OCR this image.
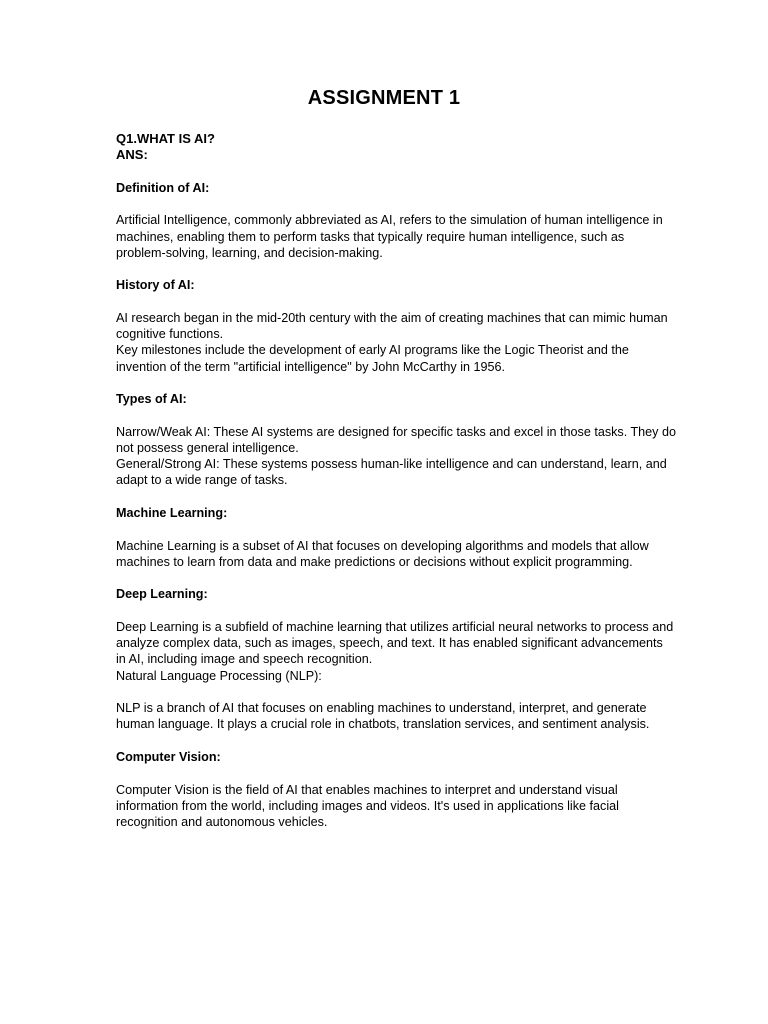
ASSIGNMENT 1

Q1.WHAT IS AI?

ANS:

Definition of AI:

Artificial Intelligence, commonly abbreviated as AI, refers to the simulation of human intelligence in machines, enabling them to perform tasks that typically require human intelligence, such as problem-solving, learning, and decision-making.

History of AI:

AI research began in the mid-20th century with the aim of creating machines that can mimic human cognitive functions.

Key milestones include the development of early AI programs like the Logic Theorist and the invention of the term "artificial intelligence" by John McCarthy in 1956.

Types of AI:

Narrow/Weak AI: These AI systems are designed for specific tasks and excel in those tasks. They do not possess general intelligence.

General/Strong AI: These systems possess human-like intelligence and can understand, learn, and adapt to a wide range of tasks.

Machine Learning:

Machine Learning is a subset of AI that focuses on developing algorithms and models that allow machines to learn from data and make predictions or decisions without explicit programming.

Deep Learning:

Deep Learning is a subfield of machine learning that utilizes artificial neural networks to process and analyze complex data, such as images, speech, and text. It has enabled significant advancements in AI, including image and speech recognition.

Natural Language Processing (NLP):

NLP is a branch of AI that focuses on enabling machines to understand, interpret, and generate human language. It plays a crucial role in chatbots, translation services, and sentiment analysis.

Computer Vision:

Computer Vision is the field of AI that enables machines to interpret and understand visual information from the world, including images and videos. It's used in applications like facial recognition and autonomous vehicles.
